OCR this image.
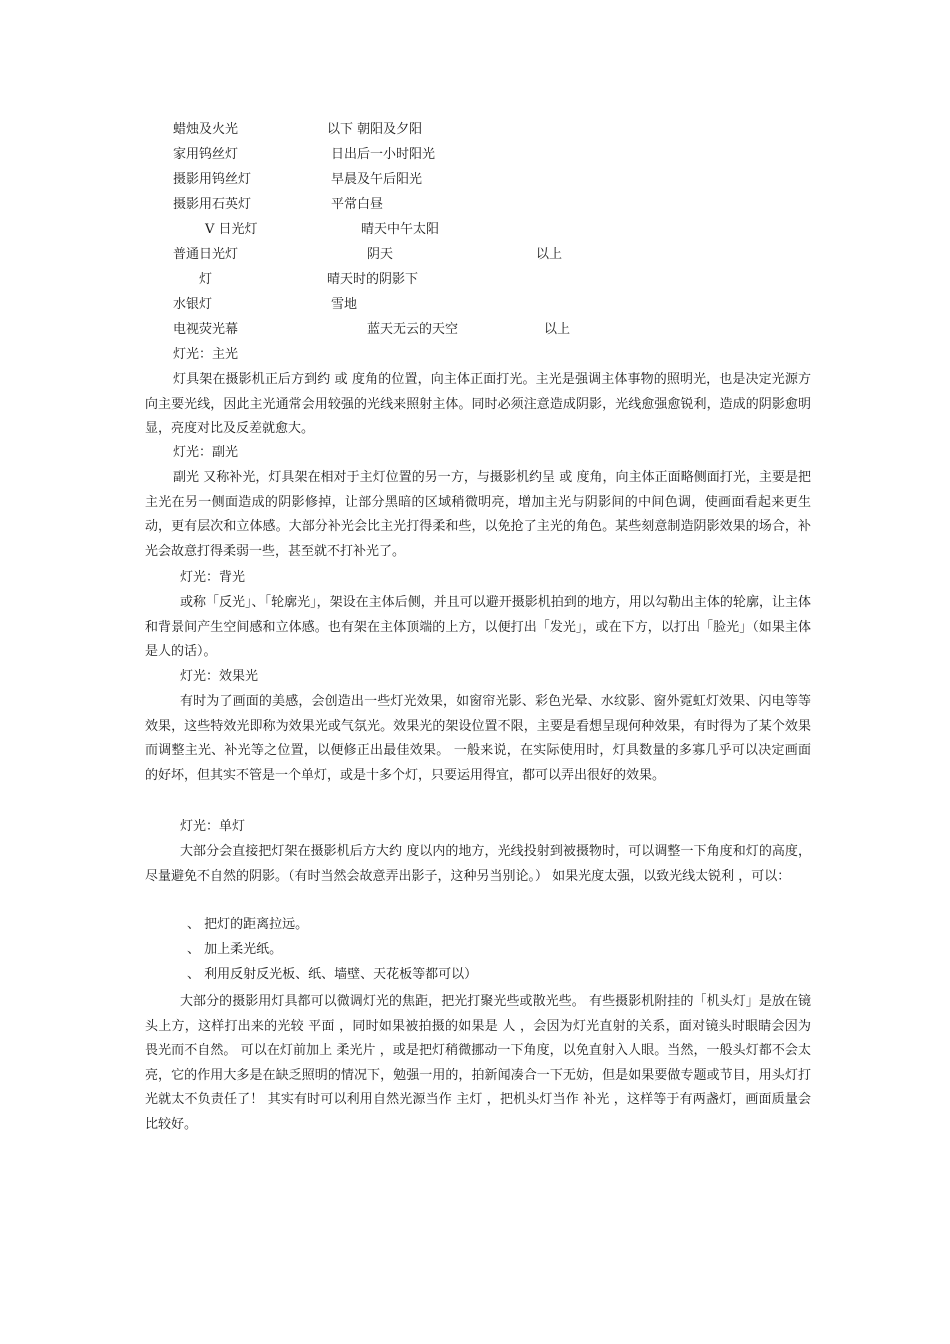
蜡烛及火光	以下 朝阳及夕阳
家用钨丝灯	日出后一小时阳光
摄影用钨丝灯	早晨及午后阳光
摄影用石英灯	平常白昼
V 日光灯	晴天中午太阳
普通日光灯	阴天	以上
灯	晴天时的阴影下
水银灯	雪地
电视荧光幕	蓝天无云的天空	以上
灯光：主光

灯具架在摄影机正后方到约 或 度角的位置，向主体正面打光。主光是强调主体事物的照明光，也是决定光源方向主要光线，因此主光通常会用较强的光线来照射主体。同时必须注意造成阴影，光线愈强愈锐利，造成的阴影愈明显，亮度对比及反差就愈大。

灯光：副光

副光 又称补光，灯具架在相对于主灯位置的另一方，与摄影机约呈 或 度角，向主体正面略侧面打光，主要是把主光在另一侧面造成的阴影修掉，让部分黑暗的区域稍微明亮，增加主光与阴影间的中间色调，使画面看起来更生动，更有层次和立体感。大部分补光会比主光打得柔和些，以免抢了主光的角色。某些刻意制造阴影效果的场合，补光会故意打得柔弱一些，甚至就不打补光了。

灯光：背光

或称「反光」、「轮廓光」，架设在主体后侧，并且可以避开摄影机拍到的地方，用以勾勒出主体的轮廓，让主体和背景间产生空间感和立体感。也有架在主体顶端的上方，以便打出「发光」，或在下方，以打出「脸光」（如果主体是人的话）。

灯光：效果光

有时为了画面的美感，会创造出一些灯光效果，如窗帘光影、彩色光晕、水纹影、窗外霓虹灯效果、闪电等等效果，这些特效光即称为效果光或气氛光。效果光的架设位置不限，主要是看想呈现何种效果，有时得为了某个效果而调整主光、补光等之位置，以便修正出最佳效果。 一般来说，在实际使用时，灯具数量的多寡几乎可以决定画面的好坏，但其实不管是一个单灯，或是十多个灯，只要运用得宜，都可以弄出很好的效果。

灯光：单灯

大部分会直接把灯架在摄影机后方大约 度以内的地方，光线投射到被摄物时，可以调整一下角度和灯的高度，尽量避免不自然的阴影。（有时当然会故意弄出影子，这种另当别论。） 如果光度太强，以致光线太锐利 ，可以：

、 把灯的距离拉远。
、 加上柔光纸。
、 利用反射反光板、纸、墙壁、天花板等都可以）

大部分的摄影用灯具都可以微调灯光的焦距，把光打聚光些或散光些。 有些摄影机附挂的「机头灯」是放在镜头上方，这样打出来的光较 平面 ，同时如果被拍摄的如果是 人 ，会因为灯光直射的关系，面对镜头时眼睛会因为畏光而不自然。 可以在灯前加上 柔光片 ，或是把灯稍微挪动一下角度，以免直射入人眼。当然，一般头灯都不会太亮，它的作用大多是在缺乏照明的情况下，勉强一用的，拍新闻凑合一下无妨，但是如果要做专题或节目，用头灯打光就太不负责任了！ 其实有时可以利用自然光源当作 主灯 ，把机头灯当作 补光 ，这样等于有两盏灯，画面质量会比较好。
